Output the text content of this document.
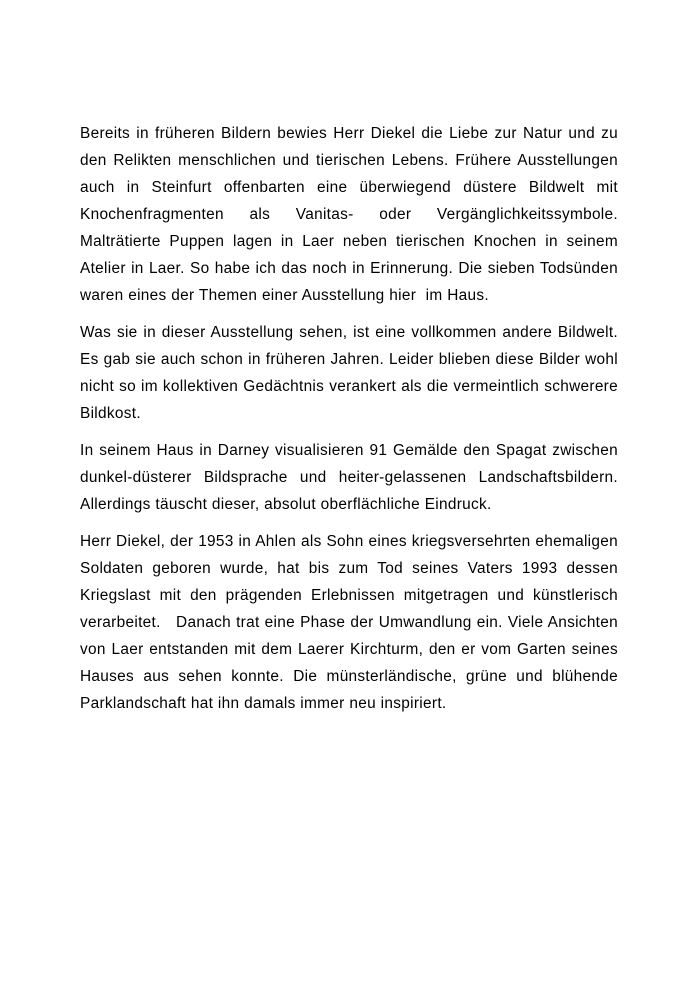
Bereits in früheren Bildern bewies Herr Diekel die Liebe zur Natur und zu den Relikten menschlichen und tierischen Lebens. Frühere Ausstellungen auch in Steinfurt offenbarten eine überwiegend düstere Bildwelt mit Knochenfragmenten als Vanitas- oder Vergänglichkeitssymbole. Malträtierte Puppen lagen in Laer neben tierischen Knochen in seinem Atelier in Laer. So habe ich das noch in Erinnerung. Die sieben Todsünden waren eines der Themen einer Ausstellung hier  im Haus.

Was sie in dieser Ausstellung sehen, ist eine vollkommen andere Bildwelt. Es gab sie auch schon in früheren Jahren. Leider blieben diese Bilder wohl nicht so im kollektiven Gedächtnis verankert als die vermeintlich schwerere Bildkost.

In seinem Haus in Darney visualisieren 91 Gemälde den Spagat zwischen dunkel-düsterer Bildsprache und heiter-gelassenen Landschaftsbildern. Allerdings täuscht dieser, absolut oberflächliche Eindruck.

Herr Diekel, der 1953 in Ahlen als Sohn eines kriegsversehrten ehemaligen Soldaten geboren wurde, hat bis zum Tod seines Vaters 1993 dessen Kriegslast mit den prägenden Erlebnissen mitgetragen und künstlerisch verarbeitet.   Danach trat eine Phase der Umwandlung ein. Viele Ansichten von Laer entstanden mit dem Laerer Kirchturm, den er vom Garten seines Hauses aus sehen konnte. Die münsterländische, grüne und blühende Parklandschaft hat ihn damals immer neu inspiriert.
